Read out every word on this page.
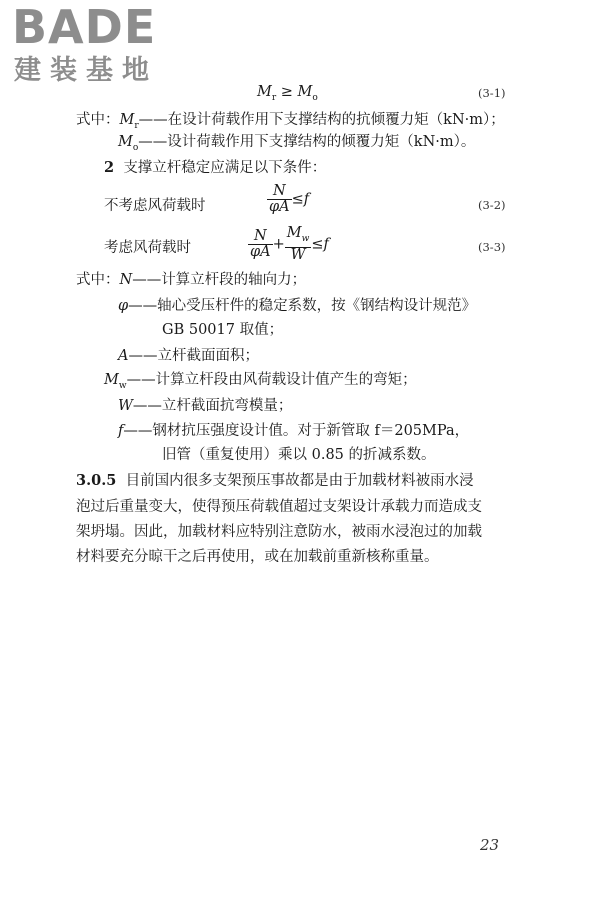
BADE
建装基地
$M_r \ge M_o$	(3-1)
式中：$M_r——$在设计荷载作用下支撑结构的抗倾覆力矩（kN·m）；
$M_o——$设计荷载作用下支撑结构的倾覆力矩（kN·m）。
2 支撑立杆稳定应满足以下条件：
不考虑风荷载时	$\frac{N}{\varphi A} \le f$	(3-2)
考虑风荷载时	$\frac{N}{\varphi A} + \frac{M_w}{W} \le f$	(3-3)
式中：N——计算立杆段的轴向力；
φ——轴心受压杆件的稳定系数，按《钢结构设计规范》
GB 50017 取值；
A——立杆截面面积；
$M_w——$计算立杆段由风荷载设计值产生的弯矩；
W——立杆截面抗弯模量；
f——钢材抗压强度设计值。对于新管取 f＝205MPa，
旧管（重复使用）乘以 0.85 的折减系数。
3.0.5 目前国内很多支架预压事故都是由于加载材料被雨水浸
泡过后重量变大，使得预压荷载值超过支架设计承载力而造成支
架坍塌。因此，加载材料应特别注意防水，被雨水浸泡过的加载
材料要充分晾干之后再使用，或在加载前重新核称重量。
23
